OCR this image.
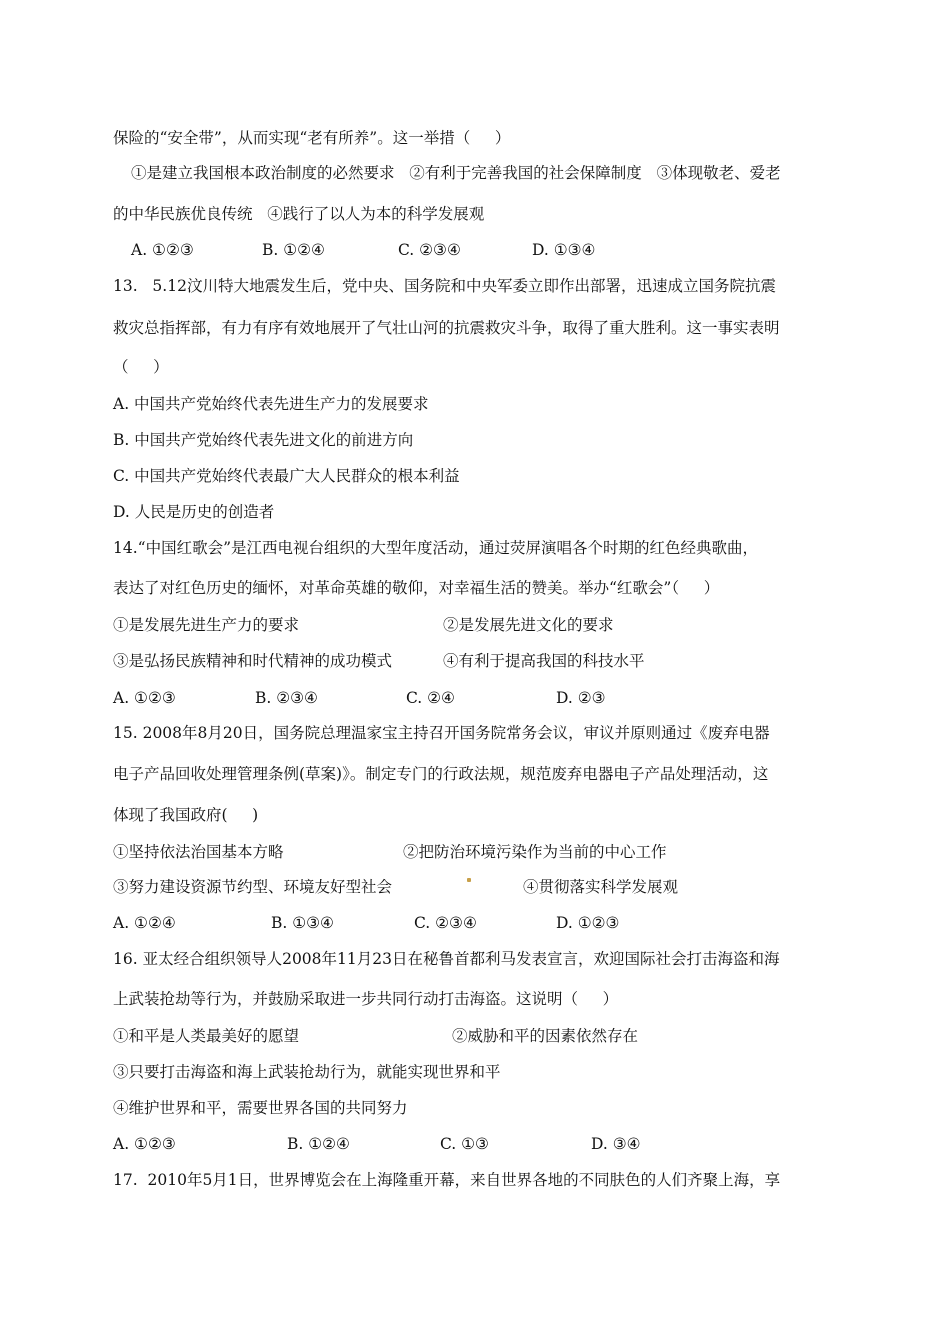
保险的“安全带”，从而实现“老有所养”。这一举措（     ）
①是建立我国根本政治制度的必然要求   ②有利于完善我国的社会保障制度   ③体现敬老、爱老
的中华民族优良传统   ④践行了以人为本的科学发展观
A. ①②③	B. ①②④	C. ②③④	D. ①③④
13.   5.12汶川特大地震发生后，党中央、国务院和中央军委立即作出部署，迅速成立国务院抗震
救灾总指挥部，有力有序有效地展开了气壮山河的抗震救灾斗争，取得了重大胜利。这一事实表明
（     ）
A. 中国共产党始终代表先进生产力的发展要求
B. 中国共产党始终代表先进文化的前进方向
C. 中国共产党始终代表最广大人民群众的根本利益
D. 人民是历史的创造者
14.“中国红歌会”是江西电视台组织的大型年度活动，通过荧屏演唱各个时期的红色经典歌曲，
表达了对红色历史的缅怀，对革命英雄的敬仰，对幸福生活的赞美。举办“红歌会”（     ）
①是发展先进生产力的要求	②是发展先进文化的要求
③是弘扬民族精神和时代精神的成功模式	④有利于提高我国的科技水平
A. ①②③	B. ②③④	C. ②④	D. ②③
15. 2008年8月20日，国务院总理温家宝主持召开国务院常务会议，审议并原则通过《废弃电器
电子产品回收处理管理条例(草案)》。制定专门的行政法规，规范废弃电器电子产品处理活动，这
体现了我国政府(     )
①坚持依法治国基本方略	②把防治环境污染作为当前的中心工作
③努力建设资源节约型、环境友好型社会	④贯彻落实科学发展观
A. ①②④	B. ①③④	C. ②③④	D. ①②③
16. 亚太经合组织领导人2008年11月23日在秘鲁首都利马发表宣言，欢迎国际社会打击海盗和海
上武装抢劫等行为，并鼓励采取进一步共同行动打击海盗。这说明（     ）
①和平是人类最美好的愿望	②威胁和平的因素依然存在
③只要打击海盗和海上武装抢劫行为，就能实现世界和平
④维护世界和平，需要世界各国的共同努力
A. ①②③	B. ①②④	C. ①③	D. ③④
17.  2010年5月1日，世界博览会在上海隆重开幕，来自世界各地的不同肤色的人们齐聚上海，享
